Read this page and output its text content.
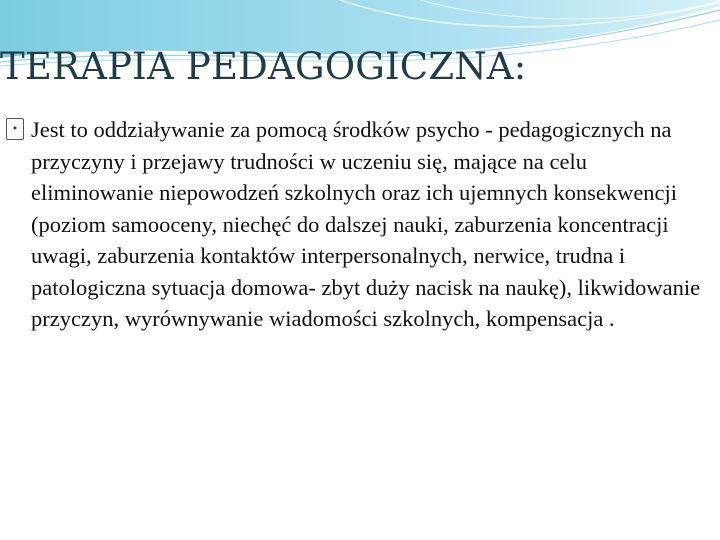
TERAPIA PEDAGOGICZNA:
• Jest to oddziaływanie za pomocą środków psycho - pedagogicznych na przyczyny i przejawy trudności w uczeniu się, mające na celu eliminowanie niepowodzeń szkolnych oraz ich ujemnych konsekwencji (poziom samooceny, niechęć do dalszej nauki, zaburzenia koncentracji uwagi, zaburzenia kontaktów interpersonalnych, nerwice, trudna i patologiczna sytuacja domowa- zbyt duży nacisk na naukę), likwidowanie przyczyn, wyrównywanie wiadomości szkolnych, kompensacja .
